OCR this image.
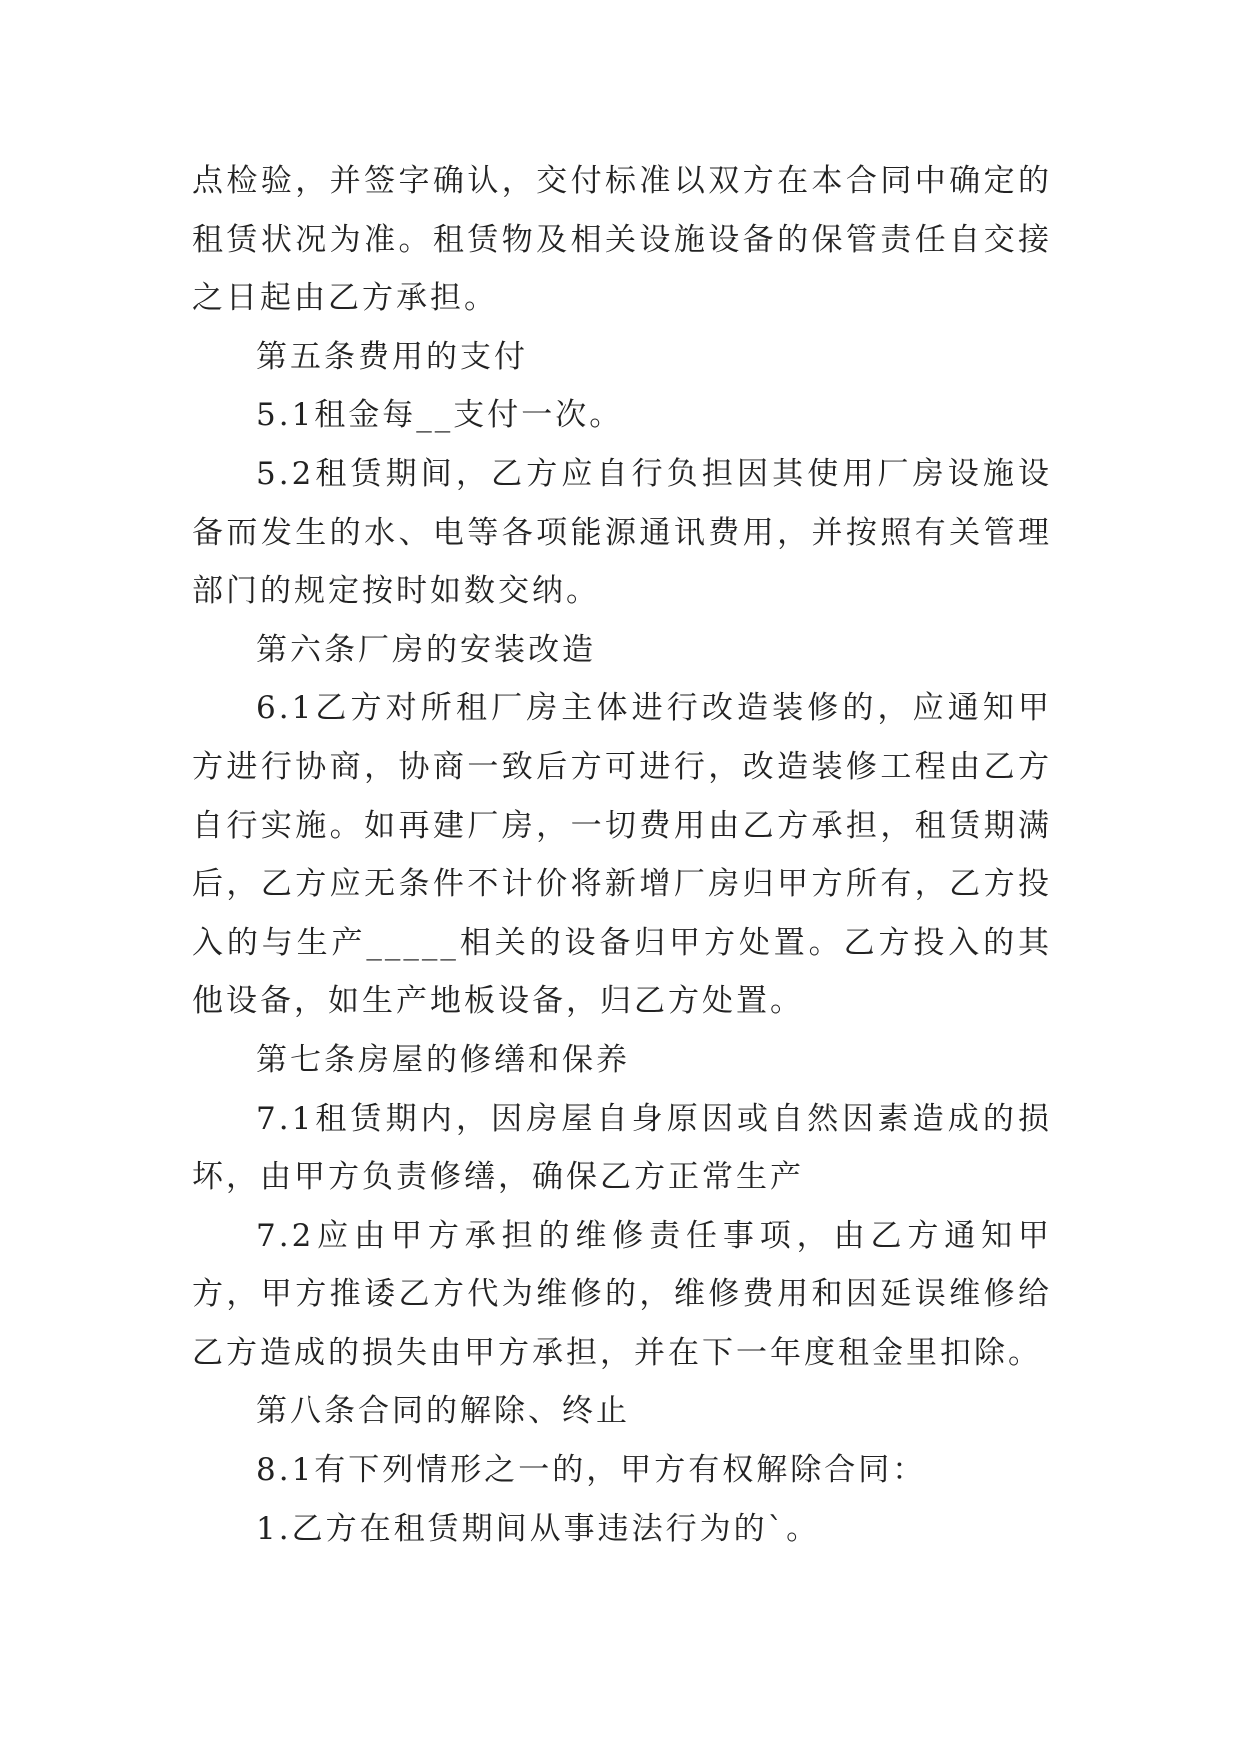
点检验，并签字确认，交付标准以双方在本合同中确定的租赁状况为准。租赁物及相关设施设备的保管责任自交接之日起由乙方承担。

第五条费用的支付

5.1租金每__支付一次。

5.2租赁期间，乙方应自行负担因其使用厂房设施设备而发生的水、电等各项能源通讯费用，并按照有关管理部门的规定按时如数交纳。

第六条厂房的安装改造

6.1乙方对所租厂房主体进行改造装修的，应通知甲方进行协商，协商一致后方可进行，改造装修工程由乙方自行实施。如再建厂房，一切费用由乙方承担，租赁期满后，乙方应无条件不计价将新增厂房归甲方所有，乙方投入的与生产_____相关的设备归甲方处置。乙方投入的其他设备，如生产地板设备，归乙方处置。

第七条房屋的修缮和保养

7.1租赁期内，因房屋自身原因或自然因素造成的损坏，由甲方负责修缮，确保乙方正常生产

7.2应由甲方承担的维修责任事项，由乙方通知甲方，甲方推诿乙方代为维修的，维修费用和因延误维修给乙方造成的损失由甲方承担，并在下一年度租金里扣除。

第八条合同的解除、终止

8.1有下列情形之一的，甲方有权解除合同：

1.乙方在租赁期间从事违法行为的`。
